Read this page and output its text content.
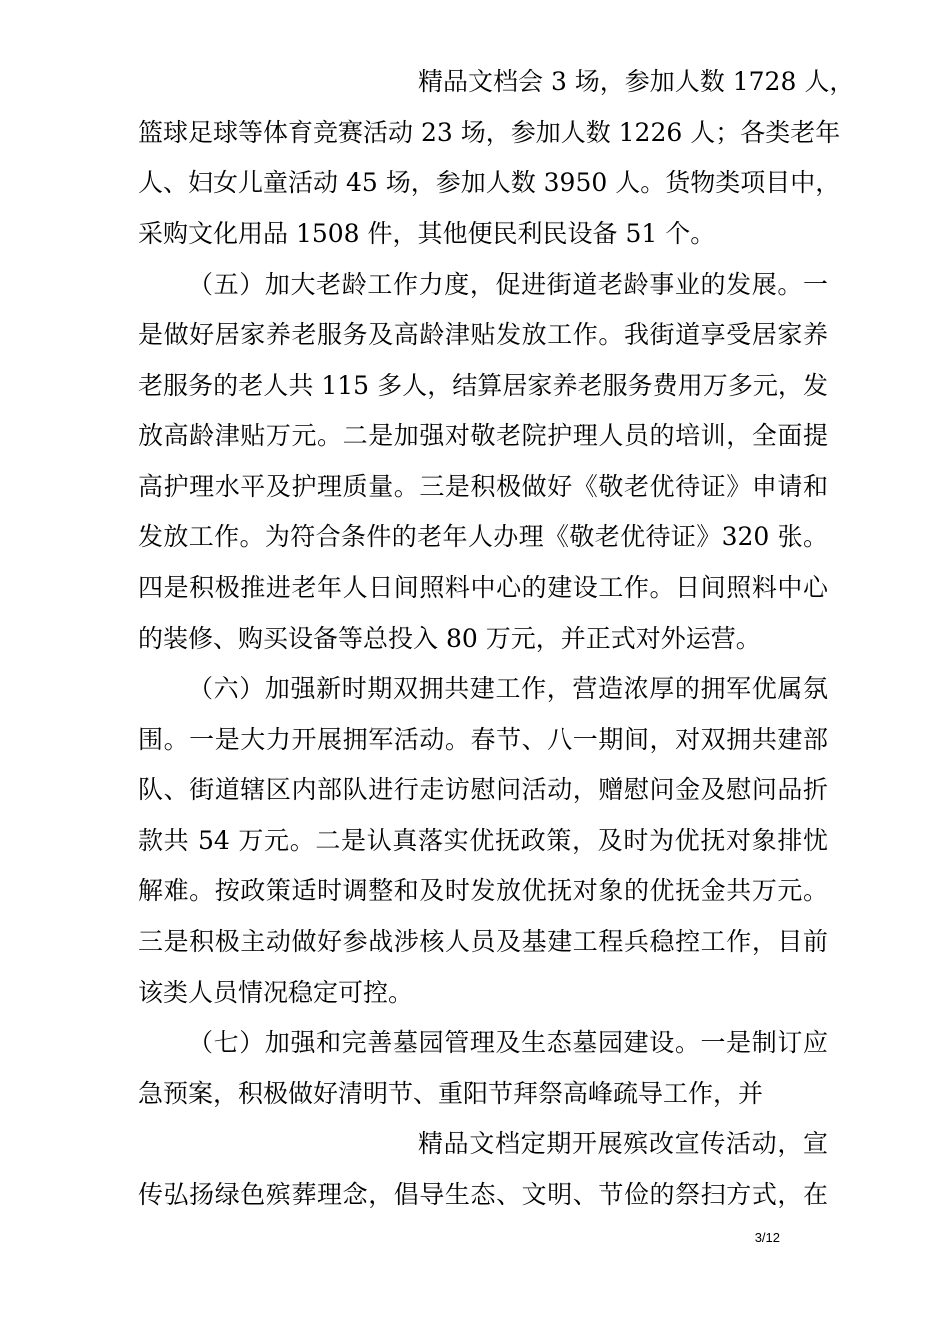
精品文档会 3 场，参加人数 1728 人，
篮球足球等体育竞赛活动 23 场，参加人数 1226 人；各类老年
人、妇女儿童活动 45 场，参加人数 3950 人。货物类项目中，
采购文化用品 1508 件，其他便民利民设备 51 个。
（五）加大老龄工作力度，促进街道老龄事业的发展。一
是做好居家养老服务及高龄津贴发放工作。我街道享受居家养
老服务的老人共 115 多人，结算居家养老服务费用万多元，发
放高龄津贴万元。二是加强对敬老院护理人员的培训，全面提
高护理水平及护理质量。三是积极做好《敬老优待证》申请和
发放工作。为符合条件的老年人办理《敬老优待证》320 张。
四是积极推进老年人日间照料中心的建设工作。日间照料中心
的装修、购买设备等总投入 80 万元，并正式对外运营。
（六）加强新时期双拥共建工作，营造浓厚的拥军优属氛
围。一是大力开展拥军活动。春节、八一期间，对双拥共建部
队、街道辖区内部队进行走访慰问活动，赠慰问金及慰问品折
款共 54 万元。二是认真落实优抚政策，及时为优抚对象排忧
解难。按政策适时调整和及时发放优抚对象的优抚金共万元。
三是积极主动做好参战涉核人员及基建工程兵稳控工作，目前
该类人员情况稳定可控。
（七）加强和完善墓园管理及生态墓园建设。一是制订应
急预案，积极做好清明节、重阳节拜祭高峰疏导工作，并
精品文档定期开展殡改宣传活动，宣
传弘扬绿色殡葬理念，倡导生态、文明、节俭的祭扫方式，在
3/12
